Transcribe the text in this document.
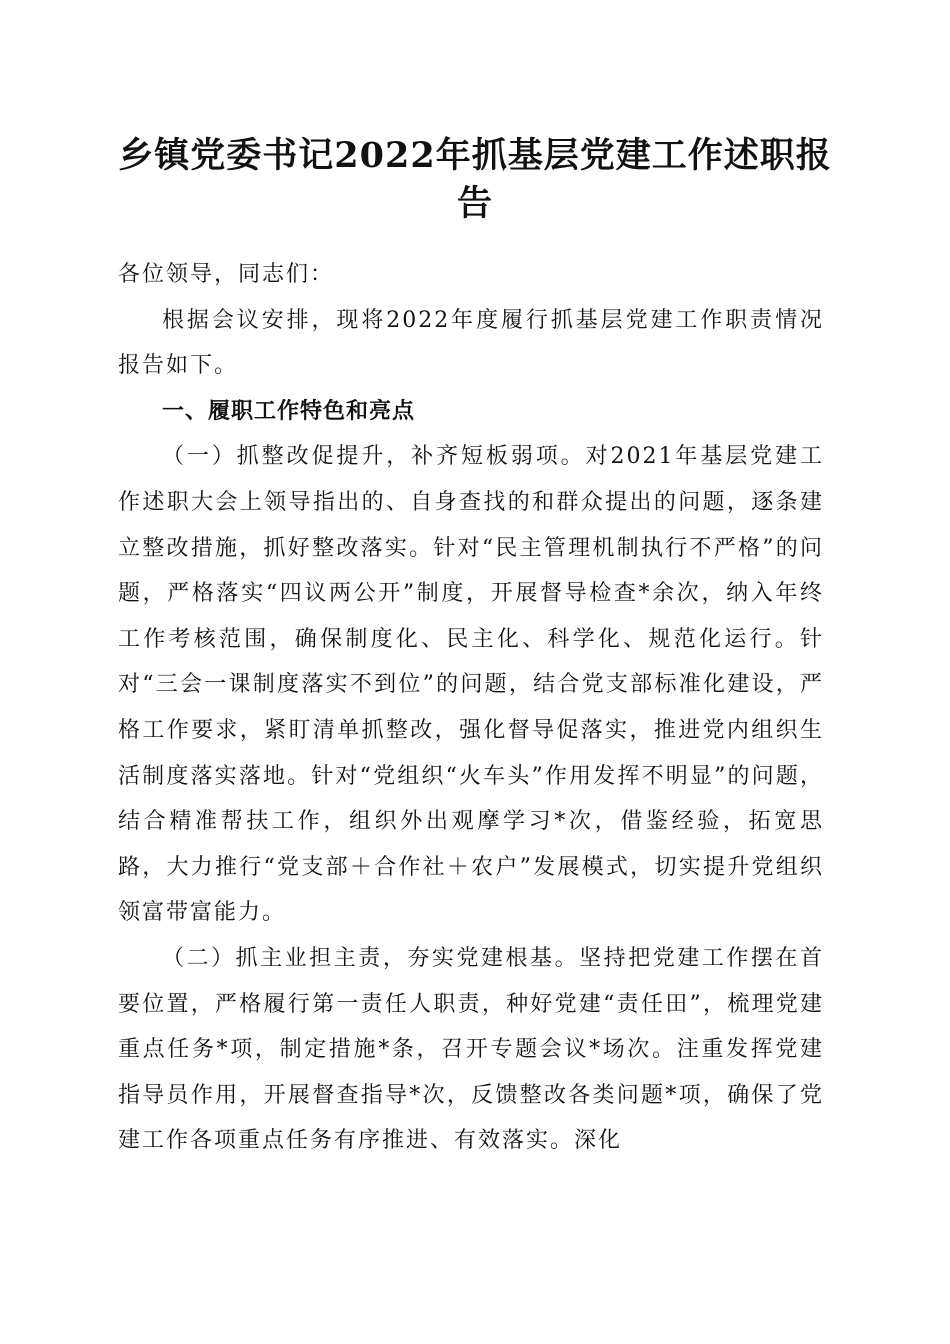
乡镇党委书记2022年抓基层党建工作述职报告

各位领导，同志们：

根据会议安排，现将2022年度履行抓基层党建工作职责情况报告如下。

一、履职工作特色和亮点

（一）抓整改促提升，补齐短板弱项。对2021年基层党建工作述职大会上领导指出的、自身查找的和群众提出的问题，逐条建立整改措施，抓好整改落实。针对“民主管理机制执行不严格”的问题，严格落实“四议两公开”制度，开展督导检查*余次，纳入年终工作考核范围，确保制度化、民主化、科学化、规范化运行。针对“三会一课制度落实不到位”的问题，结合党支部标准化建设，严格工作要求，紧盯清单抓整改，强化督导促落实，推进党内组织生活制度落实落地。针对“党组织“火车头”作用发挥不明显”的问题，结合精准帮扶工作，组织外出观摩学习*次，借鉴经验，拓宽思路，大力推行“党支部＋合作社＋农户”发展模式，切实提升党组织领富带富能力。

（二）抓主业担主责，夯实党建根基。坚持把党建工作摆在首要位置，严格履行第一责任人职责，种好党建“责任田”，梳理党建重点任务*项，制定措施*条，召开专题会议*场次。注重发挥党建指导员作用，开展督查指导*次，反馈整改各类问题*项，确保了党建工作各项重点任务有序推进、有效落实。深化
